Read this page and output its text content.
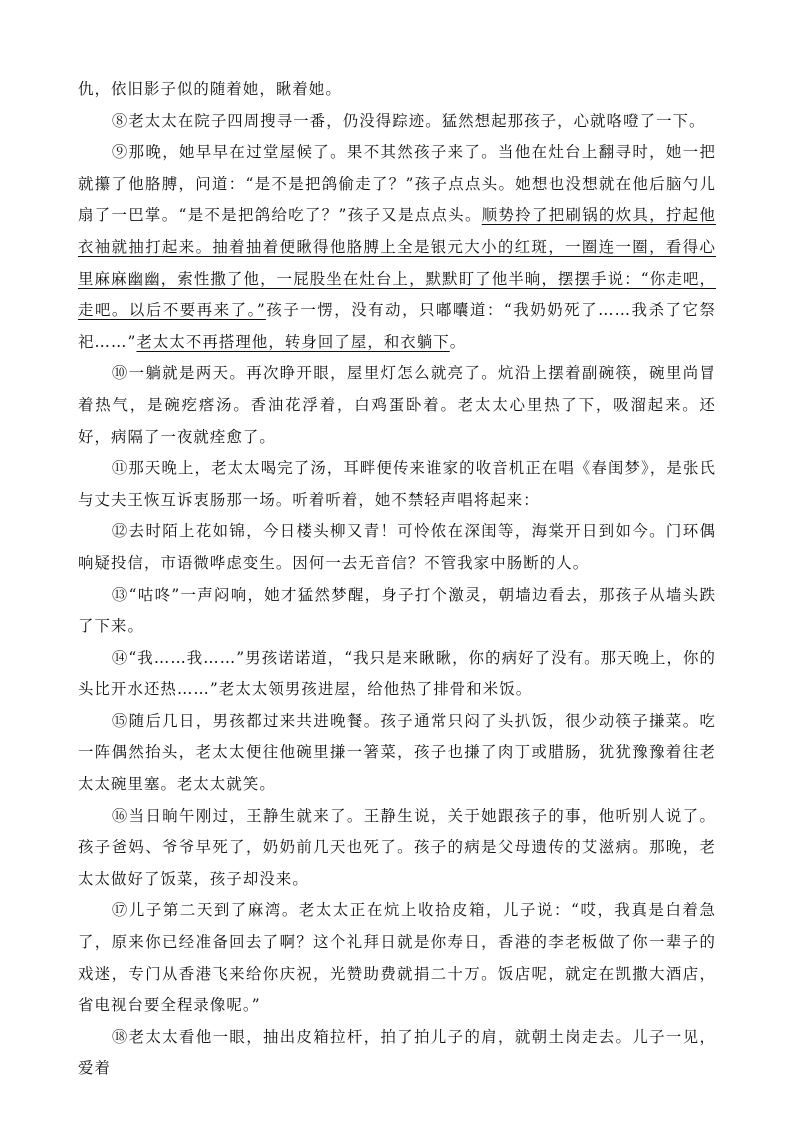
仇，依旧影子似的随着她，瞅着她。

⑧老太太在院子四周搜寻一番，仍没得踪迹。猛然想起那孩子，心就咯噔了一下。

⑨那晚，她早早在过堂屋候了。果不其然孩子来了。当他在灶台上翻寻时，她一把就攥了他胳膊，问道：“是不是把鸽偷走了？”孩子点点头。她想也没想就在他后脑勺儿扇了一巴掌。“是不是把鸽给吃了？”孩子又是点点头。顺势拎了把刷锅的炊具，拧起他衣袖就抽打起来。抽着抽着便瞅得他胳膊上全是银元大小的红斑，一圈连一圈，看得心里麻麻幽幽，索性撒了他，一屁股坐在灶台上，默默盯了他半晌，摆摆手说：“你走吧，走吧。以后不要再来了。”孩子一愣，没有动，只嘟囔道：“我奶奶死了……我杀了它祭祀……”老太太不再搭理他，转身回了屋，和衣躺下。

⑩一躺就是两天。再次睁开眼，屋里灯怎么就亮了。炕沿上摆着副碗筷，碗里尚冒着热气，是碗疙瘩汤。香油花浮着，白鸡蛋卧着。老太太心里热了下，吸溜起来。还好，病隔了一夜就痊愈了。

⑪那天晚上，老太太喝完了汤，耳畔便传来谁家的收音机正在唱《春闺梦》，是张氏与丈夫王恢互诉衷肠那一场。听着听着，她不禁轻声唱将起来：

⑫去时陌上花如锦，今日楼头柳又青！可怜侬在深闺等，海棠开日到如今。门环偶响疑投信，市语微哗虑变生。因何一去无音信？不管我家中肠断的人。

⑬“咕咚”一声闷响，她才猛然梦醒，身子打个激灵，朝墙边看去，那孩子从墙头跌了下来。

⑭“我……我……”男孩诺诺道，“我只是来瞅瞅，你的病好了没有。那天晚上，你的头比开水还热……”老太太领男孩进屋，给他热了排骨和米饭。

⑮随后几日，男孩都过来共进晚餐。孩子通常只闷了头扒饭，很少动筷子搛菜。吃一阵偶然抬头，老太太便往他碗里搛一箸菜，孩子也搛了肉丁或腊肠，犹犹豫豫着往老太太碗里塞。老太太就笑。

⑯当日晌午刚过，王静生就来了。王静生说，关于她跟孩子的事，他听别人说了。孩子爸妈、爷爷早死了，奶奶前几天也死了。孩子的病是父母遗传的艾滋病。那晚，老太太做好了饭菜，孩子却没来。

⑰儿子第二天到了麻湾。老太太正在炕上收拾皮箱，儿子说：“哎，我真是白着急了，原来你已经准备回去了啊？这个礼拜日就是你寿日，香港的李老板做了你一辈子的戏迷，专门从香港飞来给你庆祝，光赞助费就捐二十万。饭店呢，就定在凯撒大酒店，省电视台要全程录像呢。”

⑱老太太看他一眼，抽出皮箱拉杆，拍了拍儿子的肩，就朝土岗走去。儿子一见，爱着
